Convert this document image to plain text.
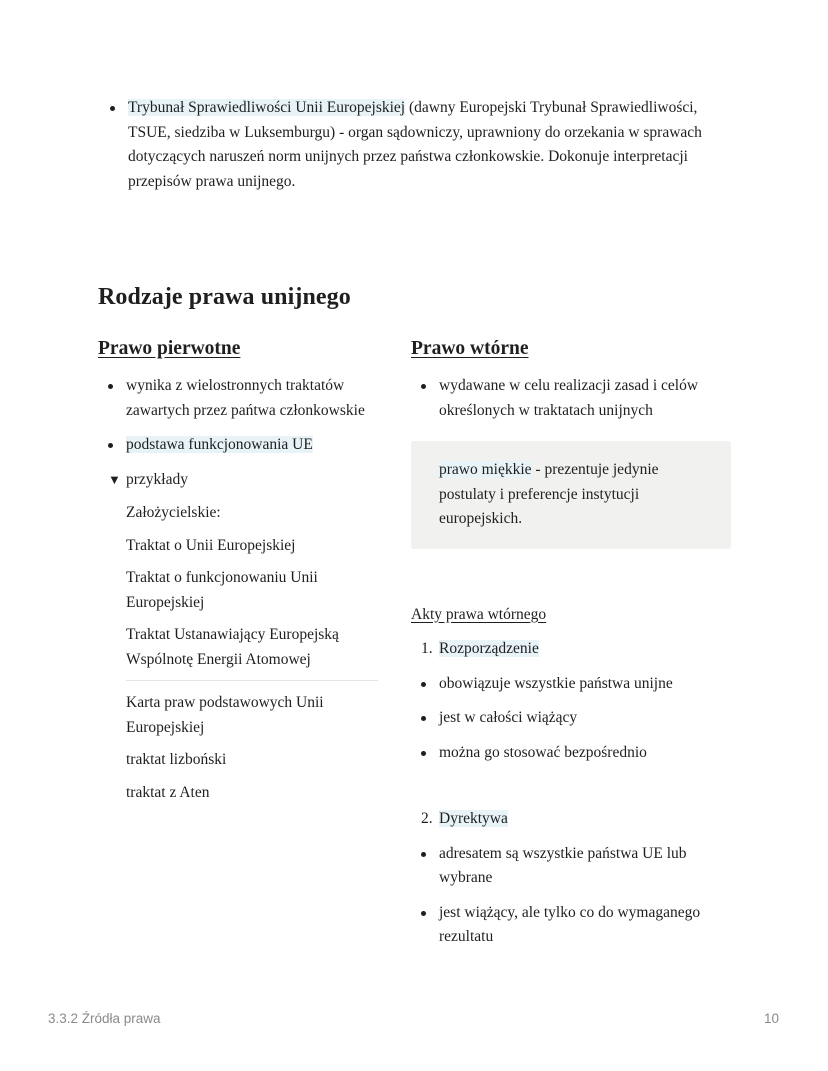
Trybunał Sprawiedliwości Unii Europejskiej (dawny Europejski Trybunał Sprawiedliwości, TSUE, siedziba w Luksemburgu) - organ sądowniczy, uprawniony do orzekania w sprawach dotyczących naruszeń norm unijnych przez państwa członkowskie. Dokonuje interpretacji przepisów prawa unijnego.
Rodzaje prawa unijnego
Prawo pierwotne
wynika z wielostronnych traktatów zawartych przez pańtwa członkowskie
podstawa funkcjonowania UE
▼ przykłady

Założycielskie:

Traktat o Unii Europejskiej

Traktat o funkcjonowaniu Unii Europejskiej

Traktat Ustanawiający Europejską Wspólnotę Energii Atomowej

Karta praw podstawowych Unii Europejskiej

traktat lizboński

traktat z Aten

Prawo wtórne
wydawane w celu realizacji zasad i celów określonych w traktatach unijnych
prawo miękkie - prezentuje jedynie postulaty i preferencje instytucji europejskich.
Akty prawa wtórnego
1. Rozporządzenie
obowiązuje wszystkie państwa unijne
jest w całości wiążący
można go stosować bezpośrednio
2. Dyrektywa
adresatem są wszystkie państwa UE lub wybrane
jest wiążący, ale tylko co do wymaganego rezultatu
3.3.2 Źródła prawa	10
